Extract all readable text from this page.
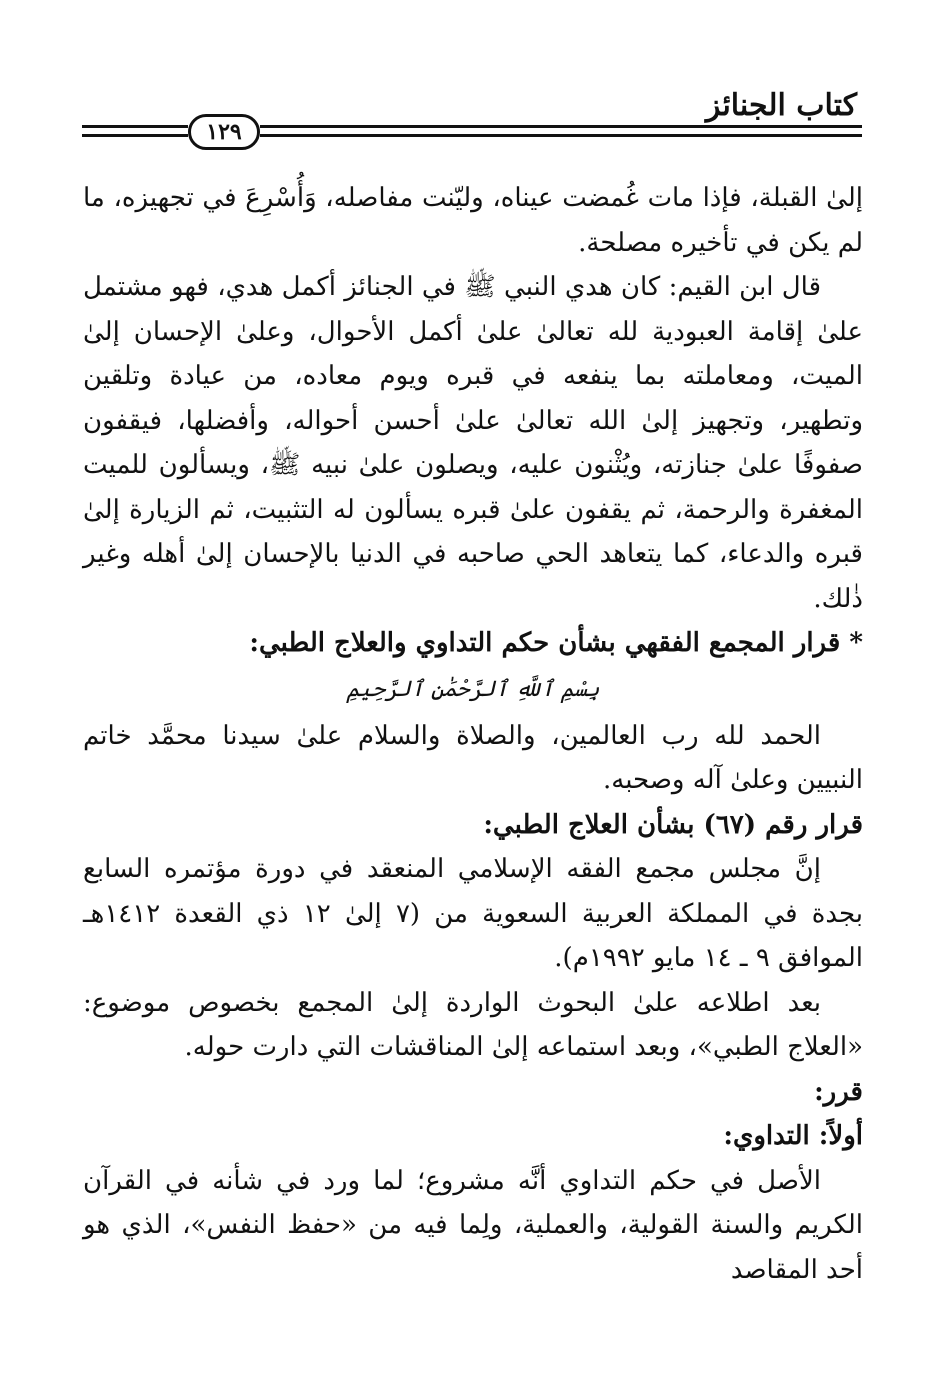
كتاب الجنائز
١٢٩

إلىٰ القبلة، فإذا مات غُمضت عيناه، وليّنت مفاصله، وَأُسْرِعَ في تجهيزه، ما لم يكن في تأخيره مصلحة.

قال ابن القيم: كان هدي النبي ﷺ في الجنائز أكمل هدي، فهو مشتمل علىٰ إقامة العبودية لله تعالىٰ علىٰ أكمل الأحوال، وعلىٰ الإحسان إلىٰ الميت، ومعاملته بما ينفعه في قبره ويوم معاده، من عيادة وتلقين وتطهير، وتجهيز إلىٰ الله تعالىٰ علىٰ أحسن أحواله، وأفضلها، فيقفون صفوفًا علىٰ جنازته، ويُثْنون عليه، ويصلون علىٰ نبيه ﷺ، ويسألون للميت المغفرة والرحمة، ثم يقفون علىٰ قبره يسألون له التثبيت، ثم الزيارة إلىٰ قبره والدعاء، كما يتعاهد الحي صاحبه في الدنيا بالإحسان إلىٰ أهله وغير ذٰلك.

* قرار المجمع الفقهي بشأن حكم التداوي والعلاج الطبي:

بِسْمِ ٱللَّهِ ٱلرَّحْمَٰنِ ٱلرَّحِيمِ

الحمد لله رب العالمين، والصلاة والسلام علىٰ سيدنا محمَّد خاتم النبيين وعلىٰ آله وصحبه.

قرار رقم (٦٧) بشأن العلاج الطبي:

إنَّ مجلس مجمع الفقه الإسلامي المنعقد في دورة مؤتمره السابع بجدة في المملكة العربية السعوية من (٧ إلىٰ ١٢ ذي القعدة ١٤١٢هـ الموافق ٩ ـ ١٤ مايو ١٩٩٢م).

بعد اطلاعه علىٰ البحوث الواردة إلىٰ المجمع بخصوص موضوع: «العلاج الطبي»، وبعد استماعه إلىٰ المناقشات التي دارت حوله.

قرر:

أولاً: التداوي:

الأصل في حكم التداوي أنَّه مشروع؛ لما ورد في شأنه في القرآن الكريم والسنة القولية، والعملية، ولِما فيه من «حفظ النفس»، الذي هو أحد المقاصد
